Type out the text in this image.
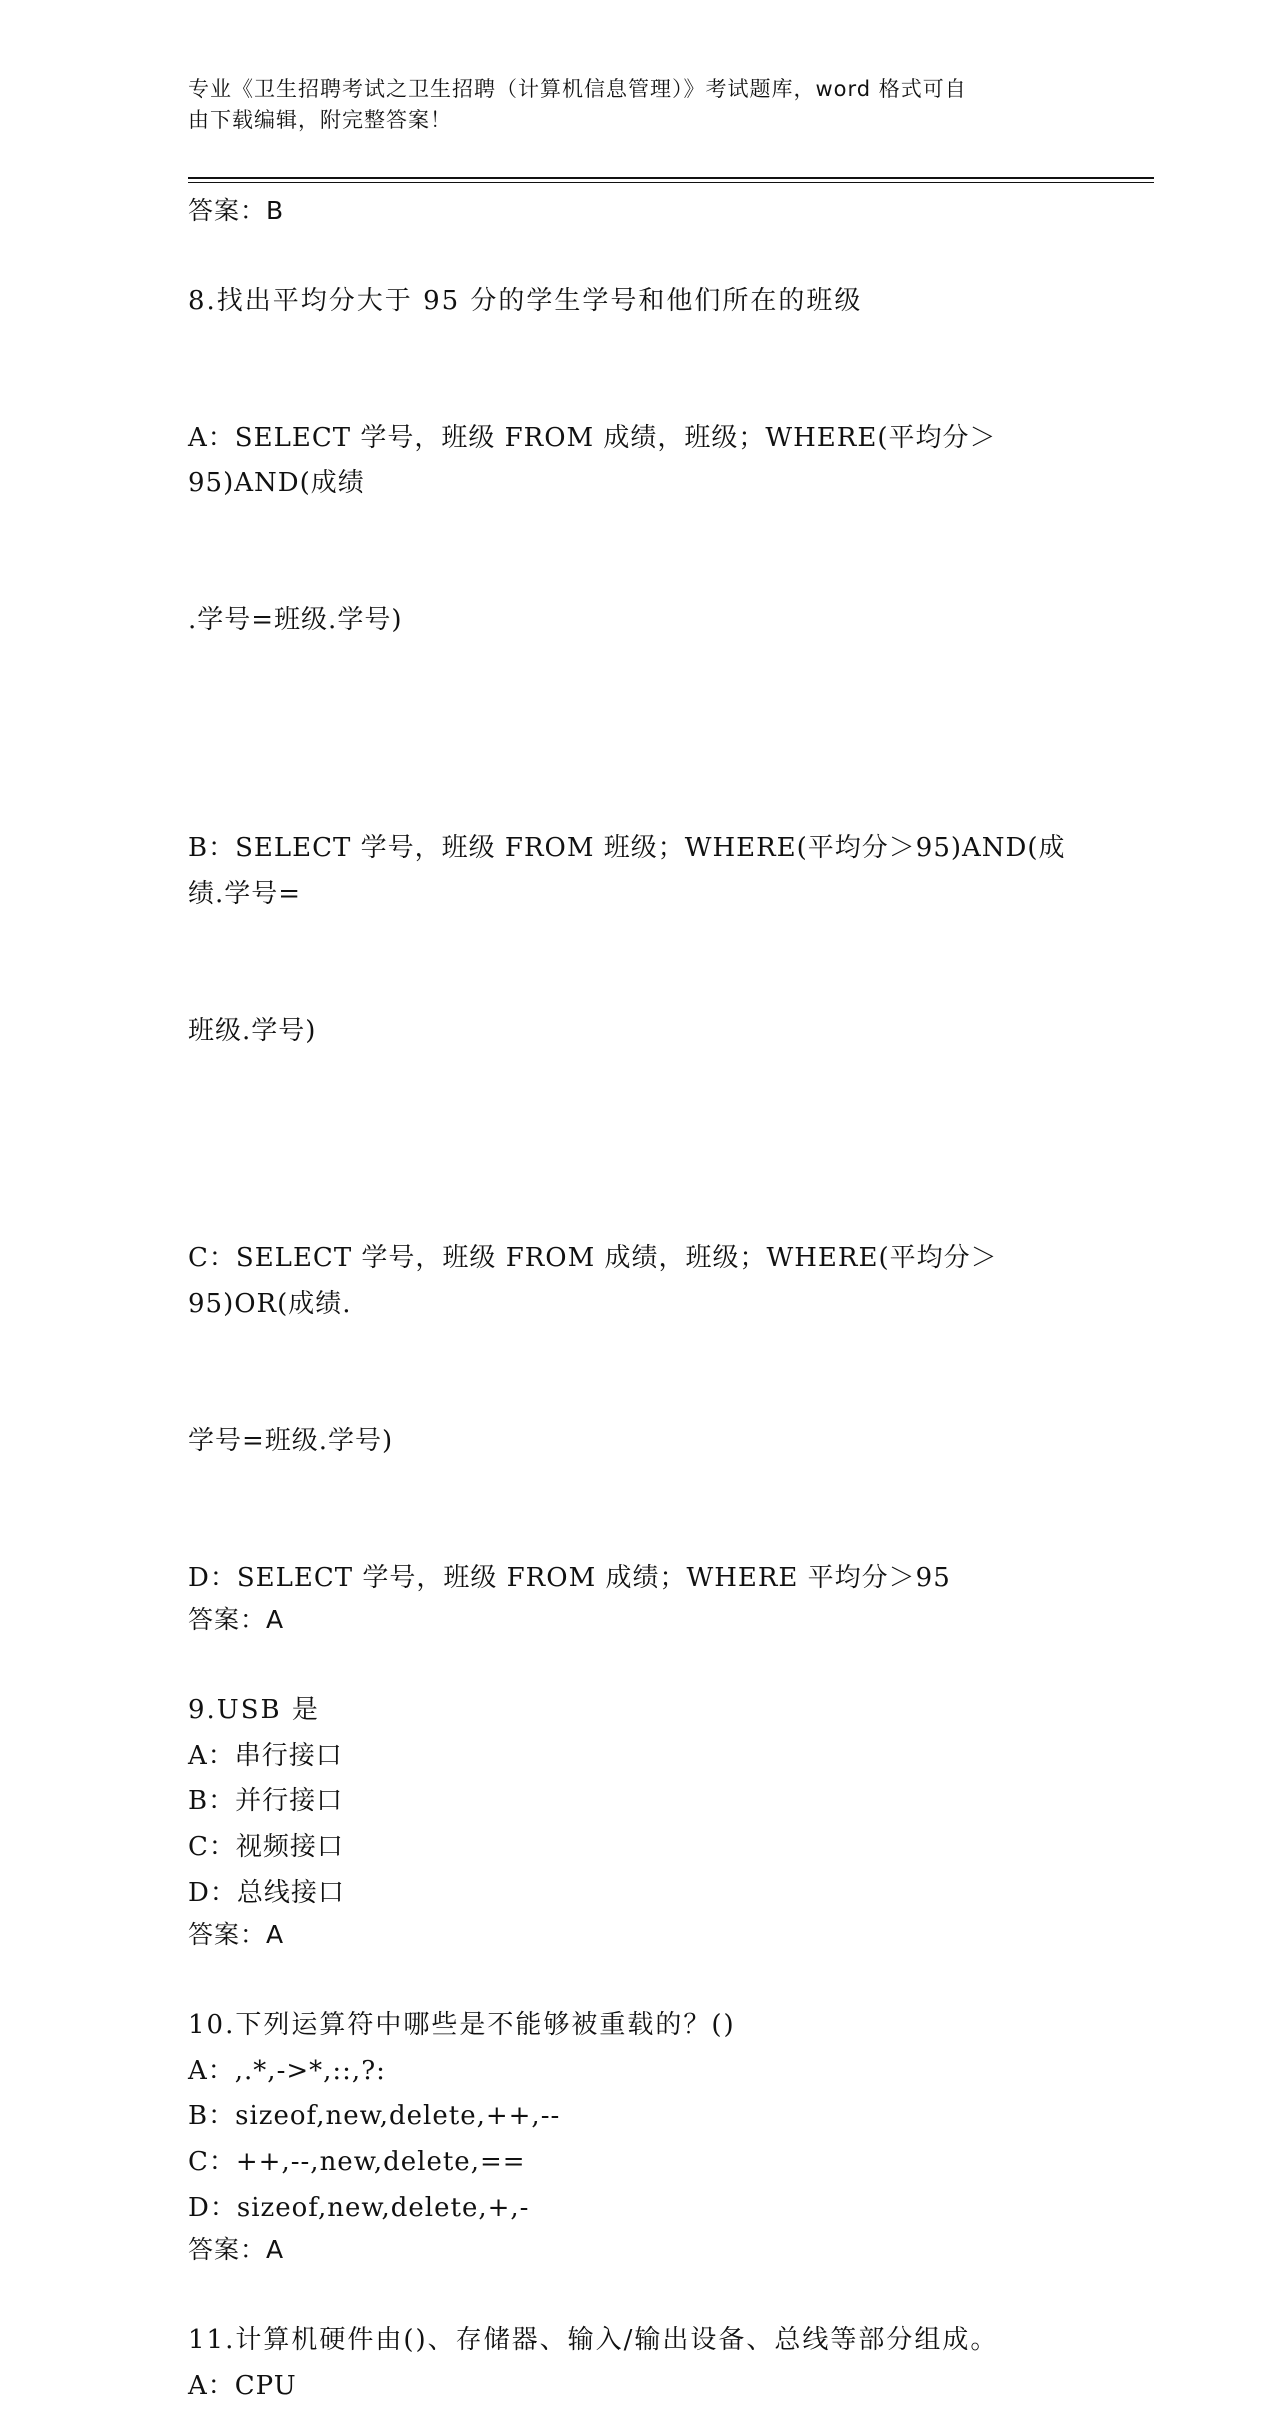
专业《卫生招聘考试之卫生招聘（计算机信息管理）》考试题库，word 格式可自
由下载编辑，附完整答案！
答案：B
8.找出平均分大于 95 分的学生学号和他们所在的班级

A：SELECT 学号，班级 FROM 成绩，班级；WHERE(平均分＞95)AND(成绩

.学号=班级.学号)

B：SELECT 学号，班级 FROM 班级；WHERE(平均分＞95)AND(成绩.学号=

班级.学号)

C：SELECT 学号，班级 FROM 成绩，班级；WHERE(平均分＞95)OR(成绩.

学号=班级.学号)

D：SELECT 学号，班级 FROM 成绩；WHERE 平均分＞95
答案：A
9.USB 是
A：串行接口
B：并行接口
C：视频接口
D：总线接口
答案：A
10.下列运算符中哪些是不能够被重载的？()
A：,.*,->*,::,?:
B：sizeof,new,delete,++,--
C：++,--,new,delete,==
D：sizeof,new,delete,+,-
答案：A
11.计算机硬件由()、存储器、输入/输出设备、总线等部分组成。
A：CPU
